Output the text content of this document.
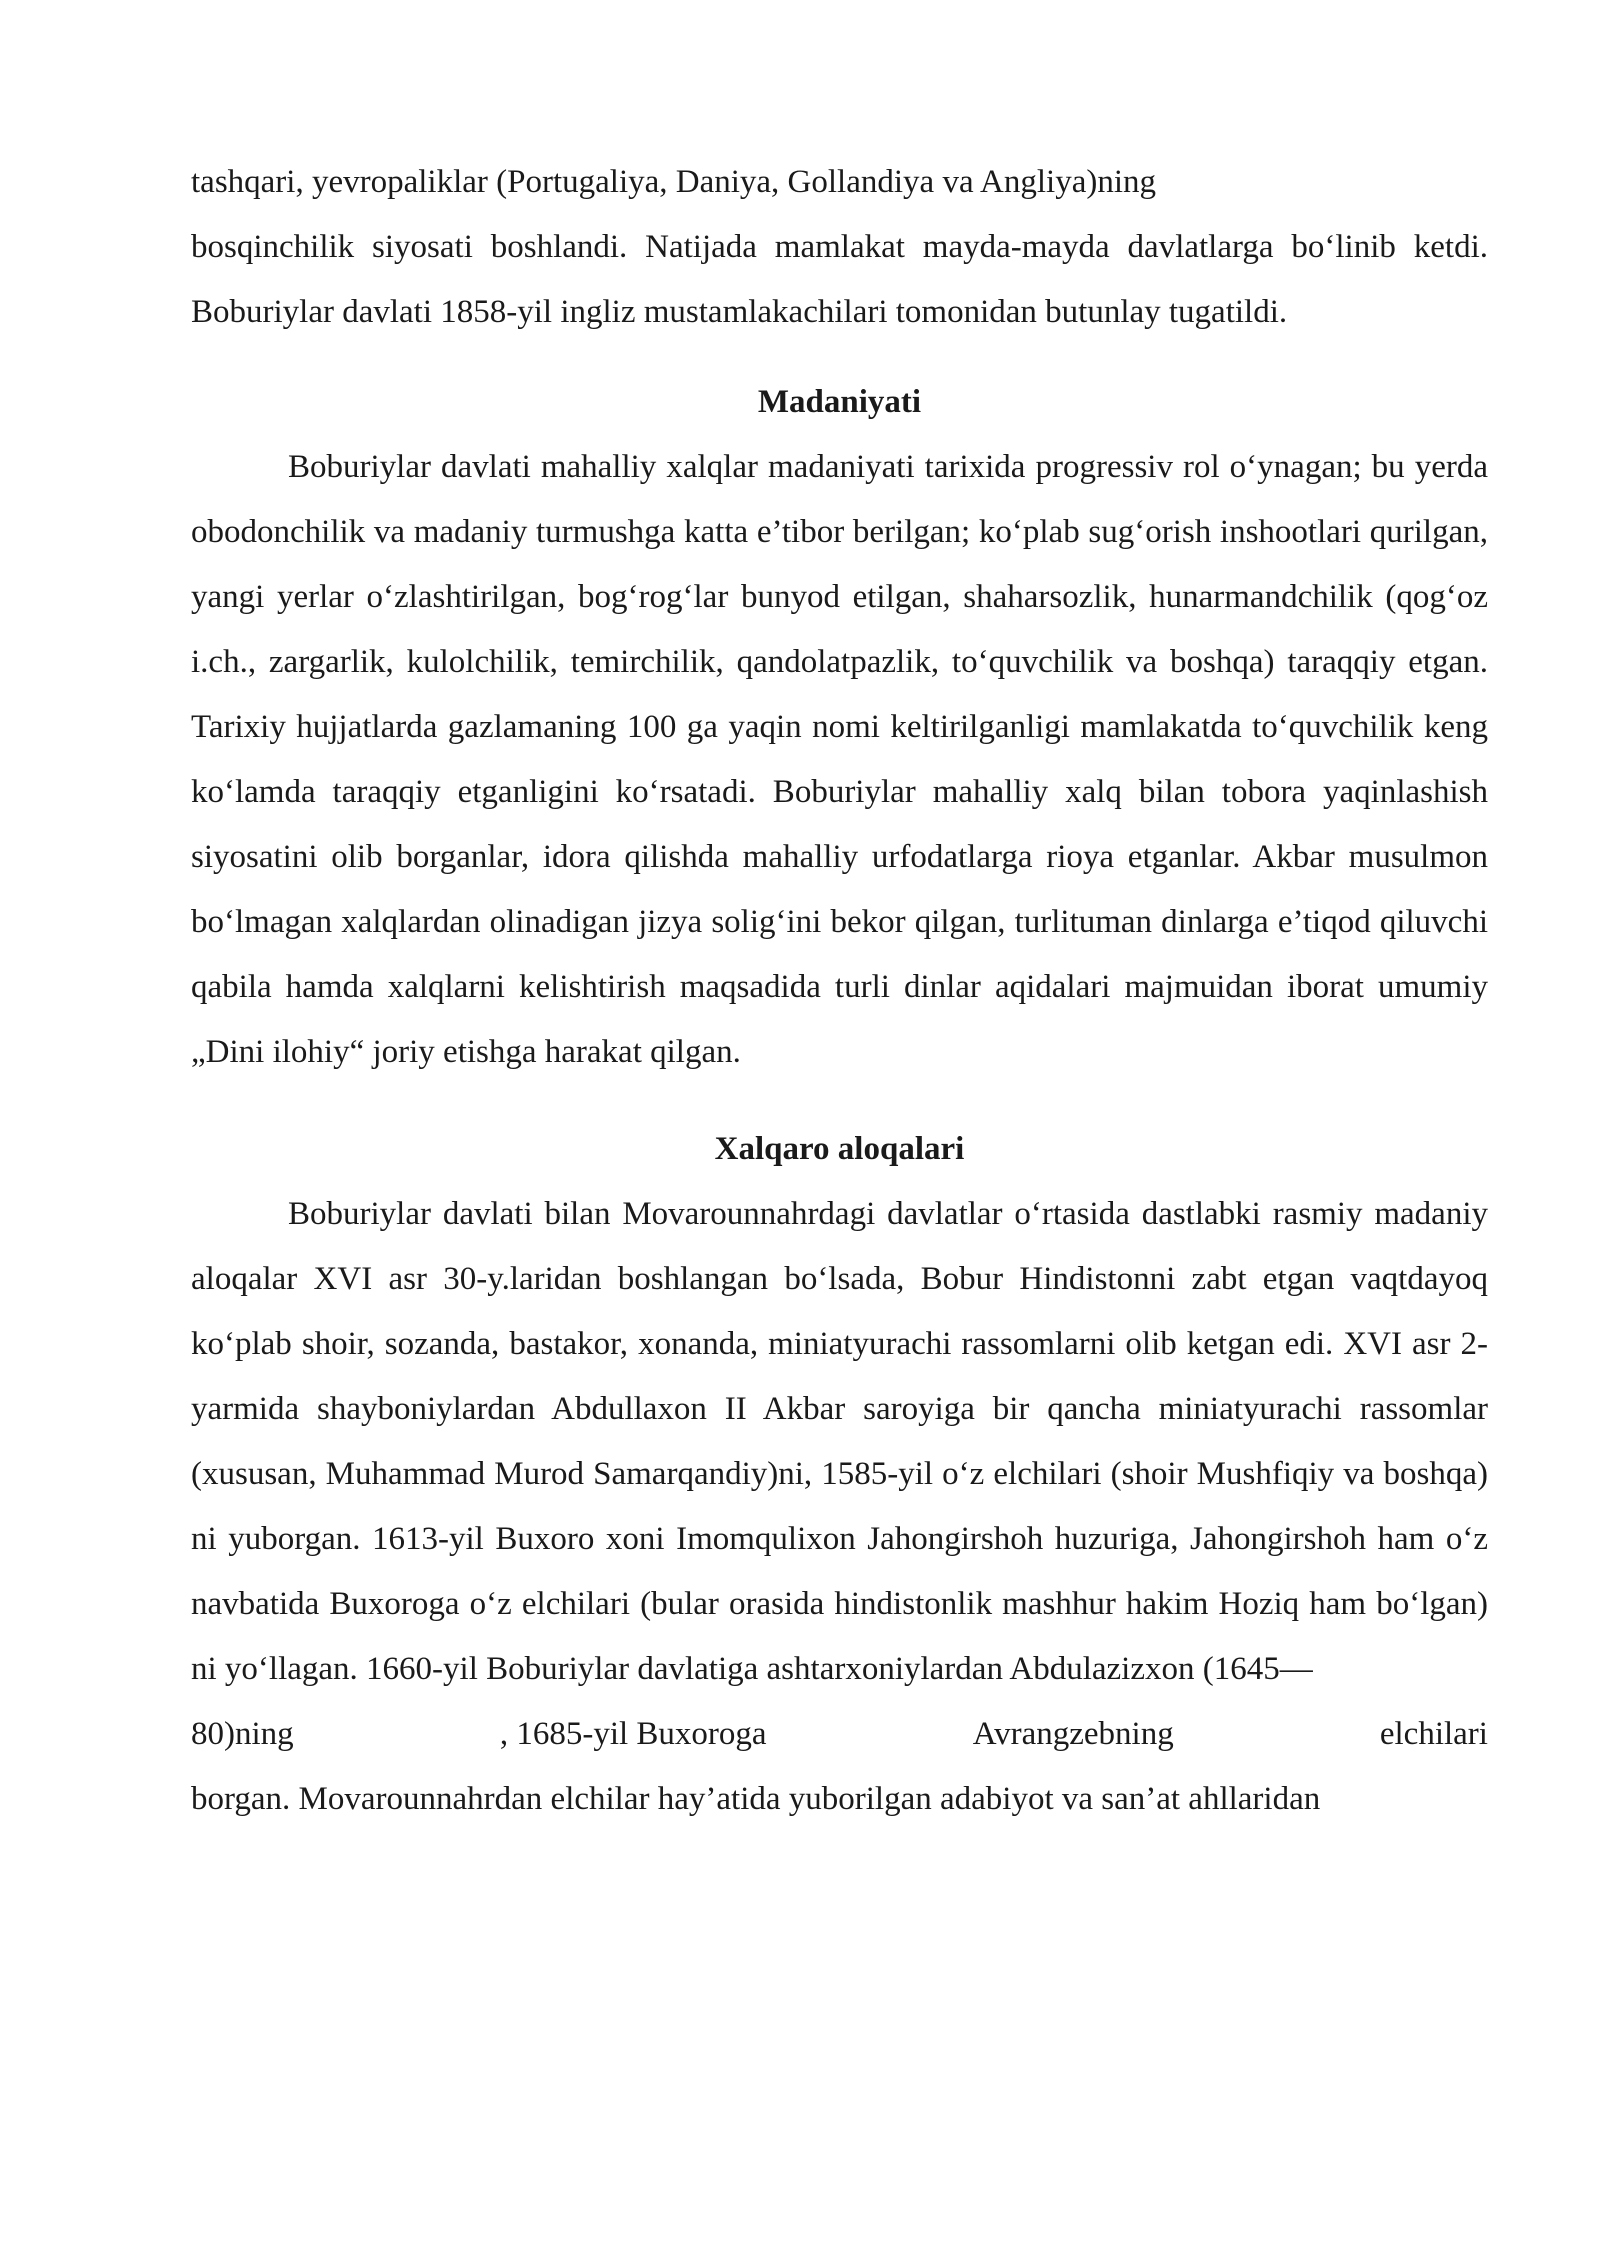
tashqari, yevropaliklar (Portugaliya, Daniya, Gollandiya va Angliya)ning

bosqinchilik siyosati boshlandi. Natijada mamlakat mayda-mayda davlatlarga bo‘linib ketdi. Boburiylar davlati 1858-yil ingliz mustamlakachilari tomonidan butunlay tugatildi.

Madaniyati

Boburiylar davlati mahalliy xalqlar madaniyati tarixida progressiv rol o‘ynagan; bu yerda obodonchilik va madaniy turmushga katta e’tibor berilgan; ko‘plab sug‘orish inshootlari qurilgan, yangi yerlar o‘zlashtirilgan, bog‘rog‘lar bunyod etilgan, shaharsozlik, hunarmandchilik (qog‘oz i.ch., zargarlik, kulolchilik, temirchilik, qandolatpazlik, to‘quvchilik va boshqa) taraqqiy etgan. Tarixiy hujjatlarda gazlamaning 100 ga yaqin nomi keltirilganligi mamlakatda to‘quvchilik keng ko‘lamda taraqqiy etganligini ko‘rsatadi. Boburiylar mahalliy xalq bilan tobora yaqinlashish siyosatini olib borganlar, idora qilishda mahalliy urfodatlarga rioya etganlar. Akbar musulmon bo‘lmagan xalqlardan olinadigan jizya solig‘ini bekor qilgan, turlituman dinlarga e’tiqod qiluvchi qabila hamda xalqlarni kelishtirish maqsadida turli dinlar aqidalari majmuidan iborat umumiy „Dini ilohiy“ joriy etishga harakat qilgan.

Xalqaro aloqalari

Boburiylar davlati bilan Movarounnahrdagi davlatlar o‘rtasida dastlabki rasmiy madaniy aloqalar XVI asr 30-y.laridan boshlangan bo‘lsada, Bobur Hindistonni zabt etgan vaqtdayoq ko‘plab shoir, sozanda, bastakor, xonanda, miniatyurachi rassomlarni olib ketgan edi. XVI asr 2-yarmida shayboniylardan Abdullaxon II Akbar saroyiga bir qancha miniatyurachi rassomlar (xususan, Muhammad Murod Samarqandiy)ni, 1585-yil o‘z elchilari (shoir Mushfiqiy va boshqa) ni yuborgan. 1613-yil Buxoro xoni Imomqulixon Jahongirshoh huzuriga, Jahongirshoh ham o‘z navbatida Buxoroga o‘z elchilari (bular orasida hindistonlik mashhur hakim Hoziq ham bo‘lgan) ni yo‘llagan. 1660-yil Boburiylar davlatiga ashtarxoniylardan Abdulazizxon (1645—

80)ning	, 1685-yil Buxoroga	Avrangzebning	elchilari

borgan. Movarounnahrdan elchilar hay’atida yuborilgan adabiyot va san’at ahllaridan
